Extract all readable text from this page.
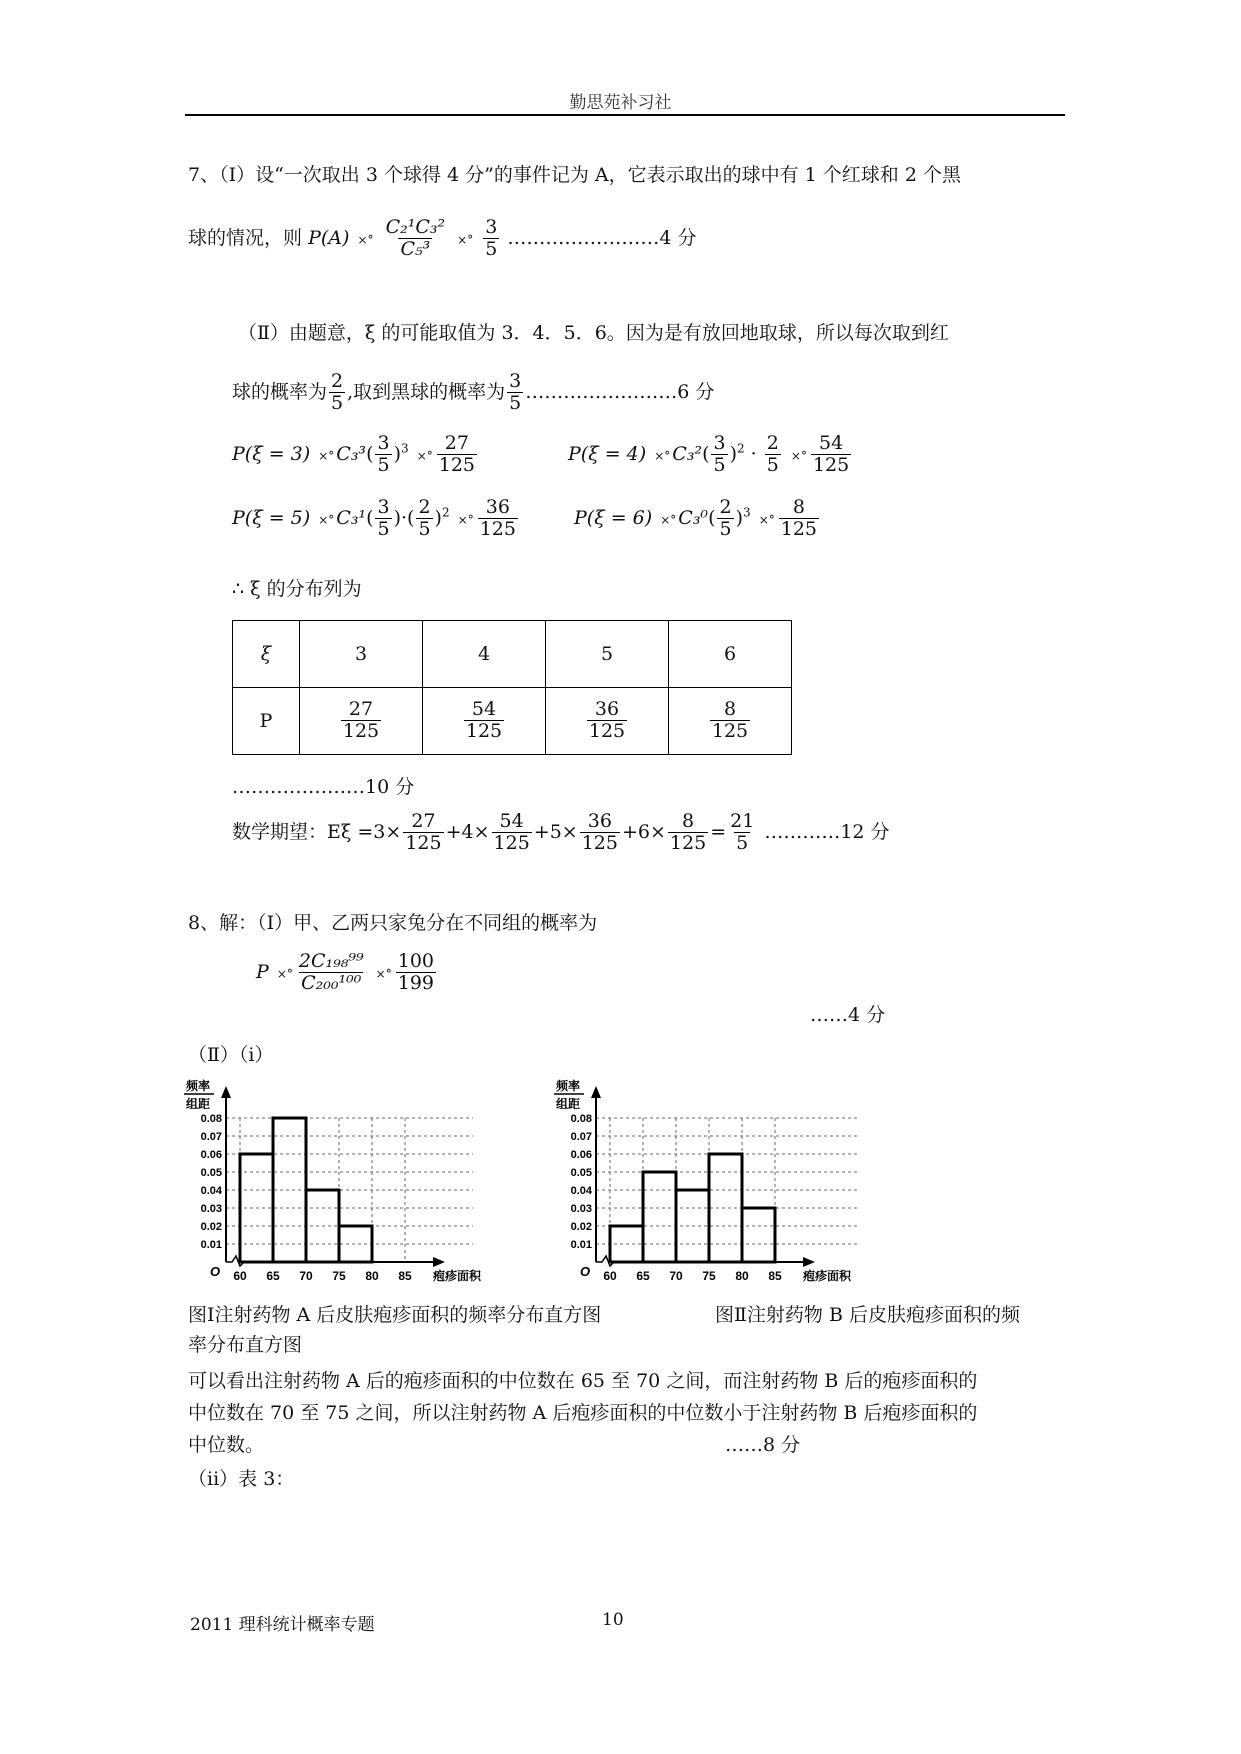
勤思苑补习社
7、（Ⅰ）设“一次取出 3 个球得 4 分”的事件记为 A，它表示取出的球中有 1 个红球和 2 个黑
球的情况，则 P(A) ×° $\frac{\text{C₂¹C₃²}}{\text{C₅³}}$ ×° $\frac{3}{5}$ ……………………4 分
（Ⅱ）由题意，ξ 的可能取值为 3．4．5．6。因为是有放回地取球，所以每次取到红
球的概率为 $\frac{2}{5}$ ,取到黑球的概率为 $\frac{3}{5}$ ……………………6 分
P(ξ = 3) ×° $C_3^3( \frac{3}{5} )^3$ ×° $\frac{27}{125}$	P(ξ = 4) ×° $C_3^2( \frac{3}{5} )^2 \cdot \frac{2}{5}$ ×° $\frac{54}{125}$
P(ξ = 5) ×° $C_3^1( \frac{3}{5}$ )·( $\frac{2}{5} )^2$ ×° $\frac{36}{125}$	P(ξ = 6) ×° $C_3^0( \frac{2}{5} )^3$ ×° $\frac{8}{125}$
∴ ξ 的分布列为
ξ	3	4	5	6
P	$\frac{27}{125}$	$\frac{54}{125}$	$\frac{36}{125}$	$\frac{8}{125}$
…………………10 分
数学期望：$E\xi =3\times \frac{27}{125} +4\times \frac{54}{125} +5\times \frac{36}{125} +6\times \frac{8}{125} = \frac{21}{5}$ …………12 分
8、解：（Ⅰ）甲、乙两只家兔分在不同组的概率为
P ×° $\frac{\text{2C₁₉₈⁹⁹}}{\text{C₂₀₀¹⁰⁰}}$ ×° $\frac{100}{199}$
……4 分
（Ⅱ）（i）
0.01
0.02
0.03
0.04
0.05
0.06
0.07
0.08
60 65 70 75 80 85
O
频率
组距
疱疹面积
0.01
0.02
0.03
0.04
0.05
0.06
0.07
0.08
60 65 70 75 80 85
O
频率
组距
疱疹面积
图Ⅰ注射药物 A 后皮肤疱疹面积的频率分布直方图	图Ⅱ注射药物 B 后皮肤疱疹面积的频
率分布直方图
可以看出注射药物 A 后的疱疹面积的中位数在 65 至 70 之间，而注射药物 B 后的疱疹面积的
中位数在 70 至 75 之间，所以注射药物 A 后疱疹面积的中位数小于注射药物 B 后疱疹面积的
中位数。	……8 分
（ii）表 3：
2011 理科统计概率专题	10
